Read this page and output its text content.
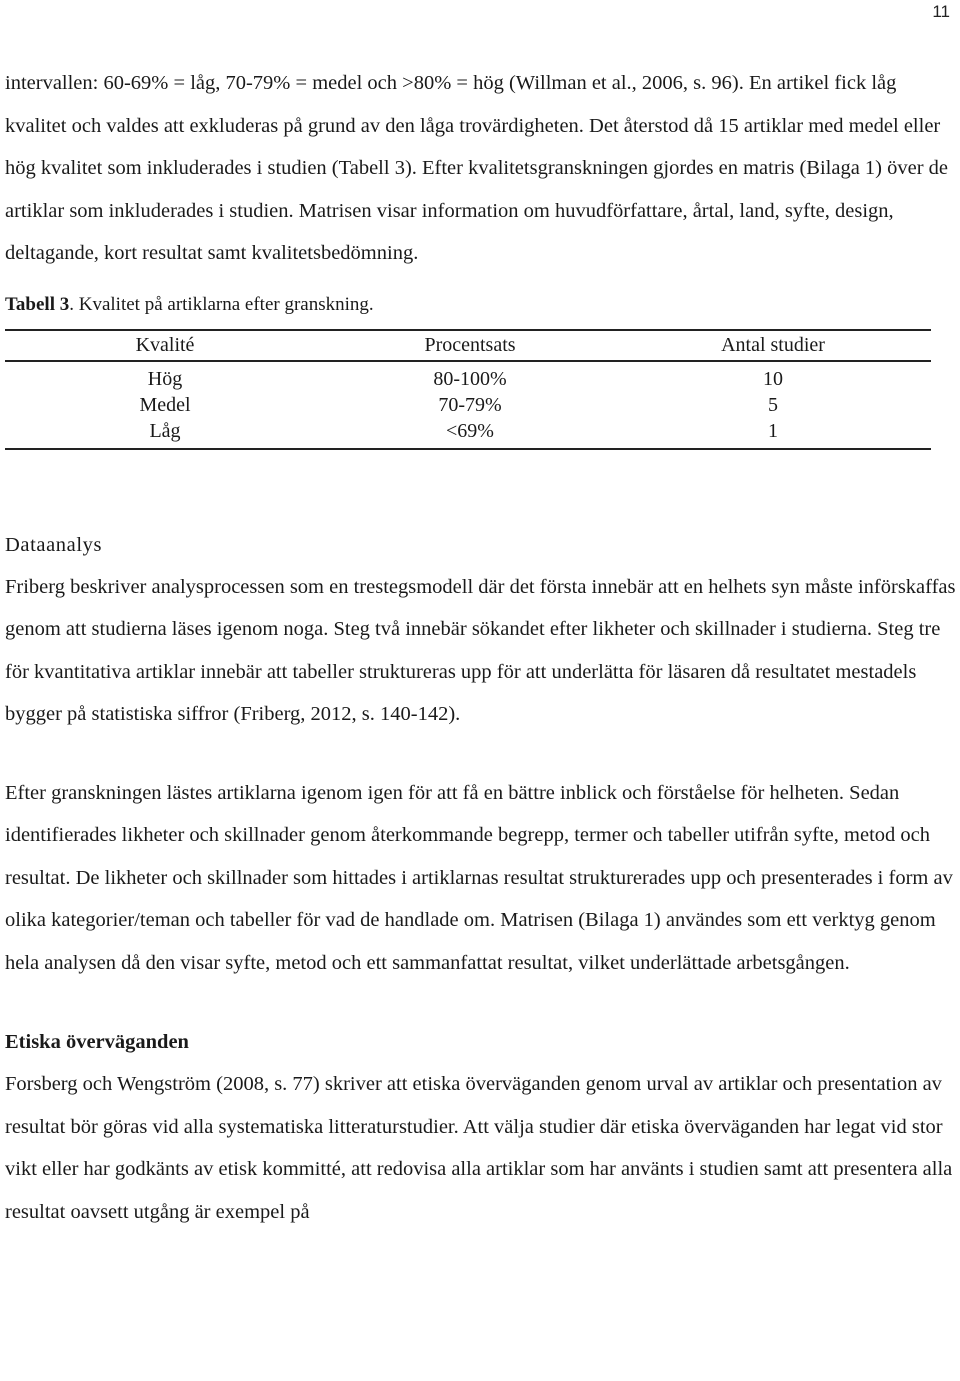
11

intervallen: 60-69% = låg, 70-79% = medel och >80% = hög (Willman et al., 2006, s. 96). En artikel fick låg kvalitet och valdes att exkluderas på grund av den låga trovärdigheten. Det återstod då 15 artiklar med medel eller hög kvalitet som inkluderades i studien (Tabell 3). Efter kvalitetsgranskningen gjordes en matris (Bilaga 1) över de artiklar som inkluderades i studien. Matrisen visar information om huvudförfattare, årtal, land, syfte, design, deltagande, kort resultat samt kvalitetsbedömning.

Tabell 3. Kvalitet på artiklarna efter granskning.
Kvalité	Procentsats	Antal studier
Hög	80-100%	10
Medel	70-79%	5
Låg	<69%	1
Dataanalys

Friberg beskriver analysprocessen som en trestegsmodell där det första innebär att en helhets syn måste införskaffas genom att studierna läses igenom noga. Steg två innebär sökandet efter likheter och skillnader i studierna. Steg tre för kvantitativa artiklar innebär att tabeller struktureras upp för att underlätta för läsaren då resultatet mestadels bygger på statistiska siffror (Friberg, 2012, s. 140-142).

Efter granskningen lästes artiklarna igenom igen för att få en bättre inblick och förståelse för helheten. Sedan identifierades likheter och skillnader genom återkommande begrepp, termer och tabeller utifrån syfte, metod och resultat. De likheter och skillnader som hittades i artiklarnas resultat strukturerades upp och presenterades i form av olika kategorier/teman och tabeller för vad de handlade om. Matrisen (Bilaga 1) användes som ett verktyg genom hela analysen då den visar syfte, metod och ett sammanfattat resultat, vilket underlättade arbetsgången.

Etiska överväganden

Forsberg och Wengström (2008, s. 77) skriver att etiska överväganden genom urval av artiklar och presentation av resultat bör göras vid alla systematiska litteraturstudier. Att välja studier där etiska överväganden har legat vid stor vikt eller har godkänts av etisk kommitté, att redovisa alla artiklar som har använts i studien samt att presentera alla resultat oavsett utgång är exempel på
